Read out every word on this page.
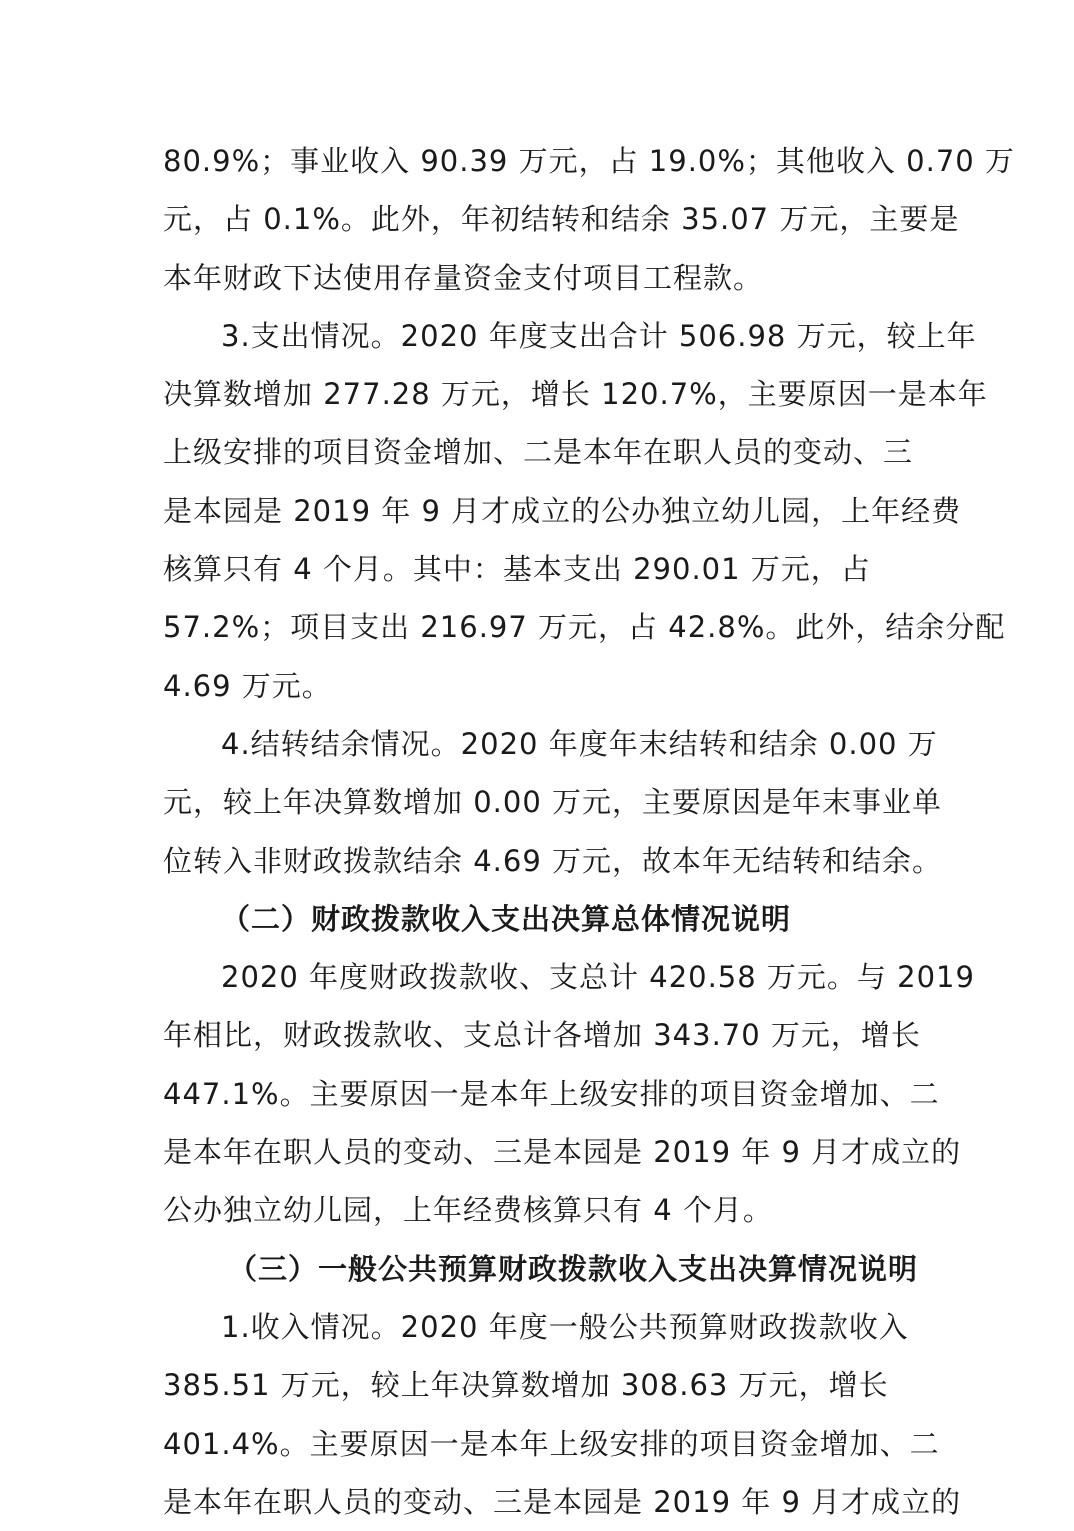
80.9%；事业收入 90.39 万元，占 19.0%；其他收入 0.70 万
元，占 0.1%。此外，年初结转和结余 35.07 万元，主要是
本年财政下达使用存量资金支付项目工程款。
3.支出情况。2020 年度支出合计 506.98 万元，较上年
决算数增加 277.28 万元，增长 120.7%，主要原因一是本年
上级安排的项目资金增加、二是本年在职人员的变动、三
是本园是 2019 年 9 月才成立的公办独立幼儿园，上年经费
核算只有 4 个月。其中：基本支出 290.01 万元，占
57.2%；项目支出 216.97 万元，占 42.8%。此外，结余分配
4.69 万元。
4.结转结余情况。2020 年度年末结转和结余 0.00 万
元，较上年决算数增加 0.00 万元，主要原因是年末事业单
位转入非财政拨款结余 4.69 万元，故本年无结转和结余。
（二）财政拨款收入支出决算总体情况说明
2020 年度财政拨款收、支总计 420.58 万元。与 2019
年相比，财政拨款收、支总计各增加 343.70 万元，增长
447.1%。主要原因一是本年上级安排的项目资金增加、二
是本年在职人员的变动、三是本园是 2019 年 9 月才成立的
公办独立幼儿园，上年经费核算只有 4 个月。
（三）一般公共预算财政拨款收入支出决算情况说明
1.收入情况。2020 年度一般公共预算财政拨款收入
385.51 万元，较上年决算数增加 308.63 万元，增长
401.4%。主要原因一是本年上级安排的项目资金增加、二
是本年在职人员的变动、三是本园是 2019 年 9 月才成立的
